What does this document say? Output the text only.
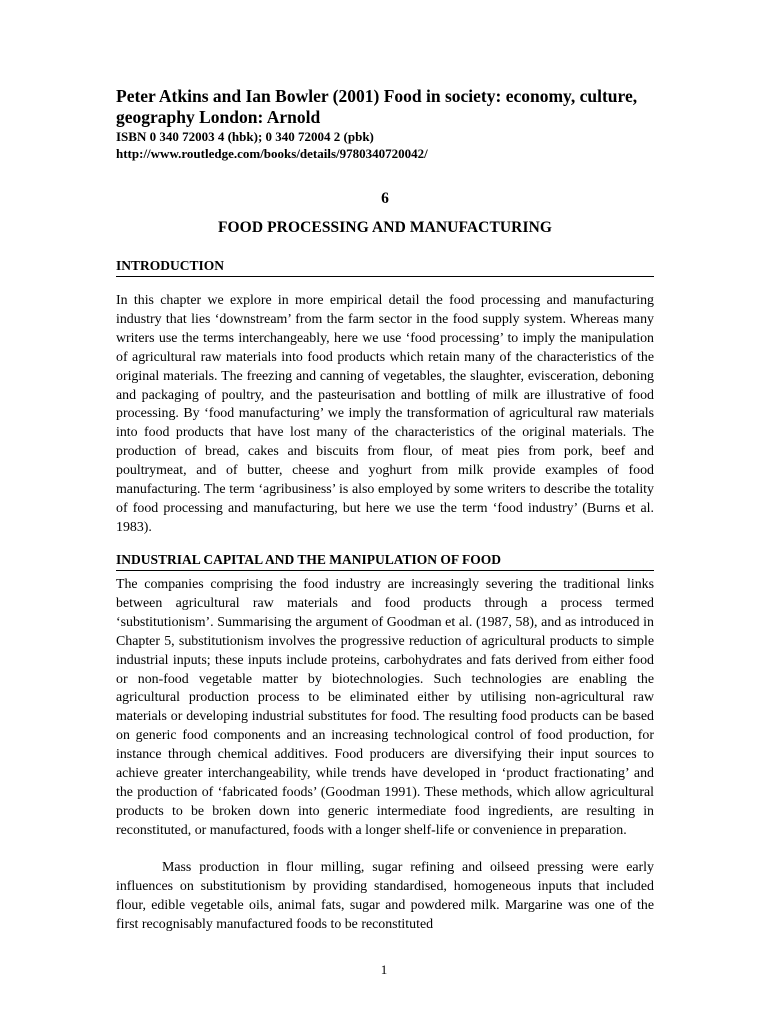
Peter Atkins and Ian Bowler (2001) Food in society: economy, culture, geography London: Arnold

ISBN 0 340 72003 4 (hbk); 0 340 72004 2 (pbk)

http://www.routledge.com/books/details/9780340720042/

6

FOOD PROCESSING AND MANUFACTURING

INTRODUCTION

In this chapter we explore in more empirical detail the food processing and manufacturing industry that lies ‘downstream’ from the farm sector in the food supply system. Whereas many writers use the terms interchangeably, here we use ‘food processing’ to imply the manipulation of agricultural raw materials into food products which retain many of the characteristics of the original materials. The freezing and canning of vegetables, the slaughter, evisceration, deboning and packaging of poultry, and the pasteurisation and bottling of milk are illustrative of food processing. By ‘food manufacturing’ we imply the transformation of agricultural raw materials into food products that have lost many of the characteristics of the original materials. The production of bread, cakes and biscuits from flour, of meat pies from pork, beef and poultrymeat, and of butter, cheese and yoghurt from milk provide examples of food manufacturing. The term ‘agribusiness’ is also employed by some writers to describe the totality of food processing and manufacturing, but here we use the term ‘food industry’ (Burns et al. 1983).

INDUSTRIAL CAPITAL AND THE MANIPULATION OF FOOD

The companies comprising the food industry are increasingly severing the traditional links between agricultural raw materials and food products through a process termed ‘substitutionism’. Summarising the argument of Goodman et al. (1987, 58), and as introduced in Chapter 5, substitutionism involves the progressive reduction of agricultural products to simple industrial inputs; these inputs include proteins, carbohydrates and fats derived from either food or non-food vegetable matter by biotechnologies. Such technologies are enabling the agricultural production process to be eliminated either by utilising non-agricultural raw materials or developing industrial substitutes for food. The resulting food products can be based on generic food components and an increasing technological control of food production, for instance through chemical additives. Food producers are diversifying their input sources to achieve greater interchangeability, while trends have developed in ‘product fractionating’ and the production of ‘fabricated foods’ (Goodman 1991). These methods, which allow agricultural products to be broken down into generic intermediate food ingredients, are resulting in reconstituted, or manufactured, foods with a longer shelf-life or convenience in preparation.

Mass production in flour milling, sugar refining and oilseed pressing were early influences on substitutionism by providing standardised, homogeneous inputs that included flour, edible vegetable oils, animal fats, sugar and powdered milk. Margarine was one of the first recognisably manufactured foods to be reconstituted

1
